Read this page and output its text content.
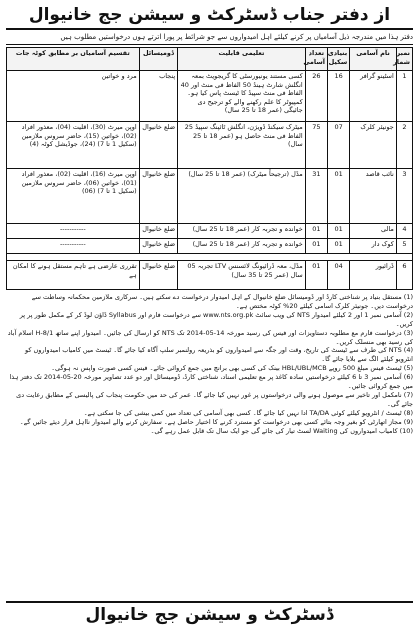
از دفتر جناب ڈسٹرکٹ و سیشن جج خانیوال
دفتر ہذا میں مندرجہ ذیل آسامیاں پر کرنے کیلئے اہل امیدواروں سے جو شرائط پر پورا اترتے ہوں درخواستیں مطلوب ہیں
نمبر شمار	نام آسامی	بنیادی سکیل	تعداد آسامی	تعلیمی قابلیت	ڈومیسائل	تقسیم آسامیاں بر مطابق کوٹہ جات
1	اسٹینو گرافر	16	26	کسی مستند یونیورسٹی کا گریجویٹ بمعہ انگلش شارٹ ہینڈ 50 الفاظ فی منٹ اور 40 الفاظ فی منٹ سپیڈ کا ٹیسٹ پاس کیا ہو۔ کمپیوٹر کا علم رکھنے والے کو ترجیح دی جائیگی (عمر 18 تا 25 سال)	پنجاب	مرد و خواتین
2	جونیئر کلرک	07	75	میٹرک سیکنڈ ڈویژن، انگلش ٹائپنگ سپیڈ 25 الفاظ فی منٹ حاصل ہو (عمر 18 تا 25 سال)	ضلع خانیوال	اوپن میرٹ (30)، اقلیت (04)، معذور افراد (02)، خواتین (15)، حاضر سروس ملازمین (سکیل 1 تا 7) (24)، جوڈیشل کوٹہ (4)
3	نائب قاصد	01	31	مڈل (ترجیحاً میٹرک) (عمر 18 تا 25 سال)	ضلع خانیوال	اوپن میرٹ (16)، اقلیت (02)، معذور افراد (01)، خواتین (06)، حاضر سروس ملازمین (سکیل 1 تا 7) (06)
4	مالی	01	01	خواندہ و تجربہ کار (عمر 18 تا 25 سال)	ضلع خانیوال	-----------
5	کوک دار	01	01	خواندہ و تجربہ کار (عمر 18 تا 25 سال)	ضلع خانیوال	-----------

6	ڈرائیور	04	01	مڈل، معہ ڈرائیونگ لائسنس LTV تجربہ 05 سال (عمر 25 تا 35 سال)	ضلع خانیوال	تقرری عارضی ہے تاہم مستقل ہونے کا امکان ہے

(1) مستقل بنیاد پر شناختی کارڈ اور ڈومیسائل ضلع خانیوال کے اہل امیدوار درخواست دے سکتے ہیں۔ سرکاری ملازمین محکمانہ وساطت سے درخواست دیں۔ جونیئر کلرک اسامی کیلئے 20% کوٹہ مختص ہے۔

(2) آسامی نمبر 1 اور 2 کیلئے امیدوار NTS کی ویب سائٹ www.nts.org.pk سے درخواست فارم اور Syllabus ڈاؤن لوڈ کر کے مکمل طور پر پر کریں۔

(3) درخواست فارم مع مطلوبہ دستاویزات اور فیس کی رسید مورخہ 14-05-2014 تک NTS کو ارسال کی جائیں۔ امیدوار اپنے ساتھ H-8/1 اسلام آباد کی رسید بھی منسلک کریں۔

(4) NTS کی طرف سے ٹیسٹ کی تاریخ، وقت اور جگہ سے امیدواروں کو بذریعہ رولنمبر سلپ آگاہ کیا جائے گا۔ ٹیسٹ میں کامیاب امیدواروں کو انٹرویو کیلئے الگ سے بلایا جائے گا۔

(5) ٹیسٹ فیس مبلغ 500 روپے HBL/UBL/MCB بینک کی کسی بھی برانچ میں جمع کروائی جائے۔ فیس کسی صورت واپس نہ ہوگی۔

(6) آسامی نمبر 3 تا 6 کیلئے درخواستیں سادہ کاغذ پر مع تعلیمی اسناد، شناختی کارڈ، ڈومیسائل اور دو عدد تصاویر مورخہ 20-05-2014 تک دفتر ہذا میں جمع کروائی جائیں۔

(7) نامکمل اور تاخیر سے موصول ہونے والی درخواستوں پر غور نہیں کیا جائے گا۔ عمر کی حد میں حکومت پنجاب کی پالیسی کے مطابق رعایت دی جائے گی۔

(8) ٹیسٹ / انٹرویو کیلئے کوئی TA/DA ادا نہیں کیا جائے گا۔ کسی بھی آسامی کی تعداد میں کمی بیشی کی جا سکتی ہے۔

(9) مجاز اتھارٹی کو بغیر وجہ بتائے کسی بھی درخواست کو مسترد کرنے کا اختیار حاصل ہے۔ سفارش کرنے والے امیدوار نااہل قرار دیئے جائیں گے۔

(10) کامیاب امیدواروں کی Waiting لسٹ تیار کی جائے گی جو ایک سال تک قابل عمل رہے گی۔

ڈسٹرکٹ و سیشن جج خانیوال
